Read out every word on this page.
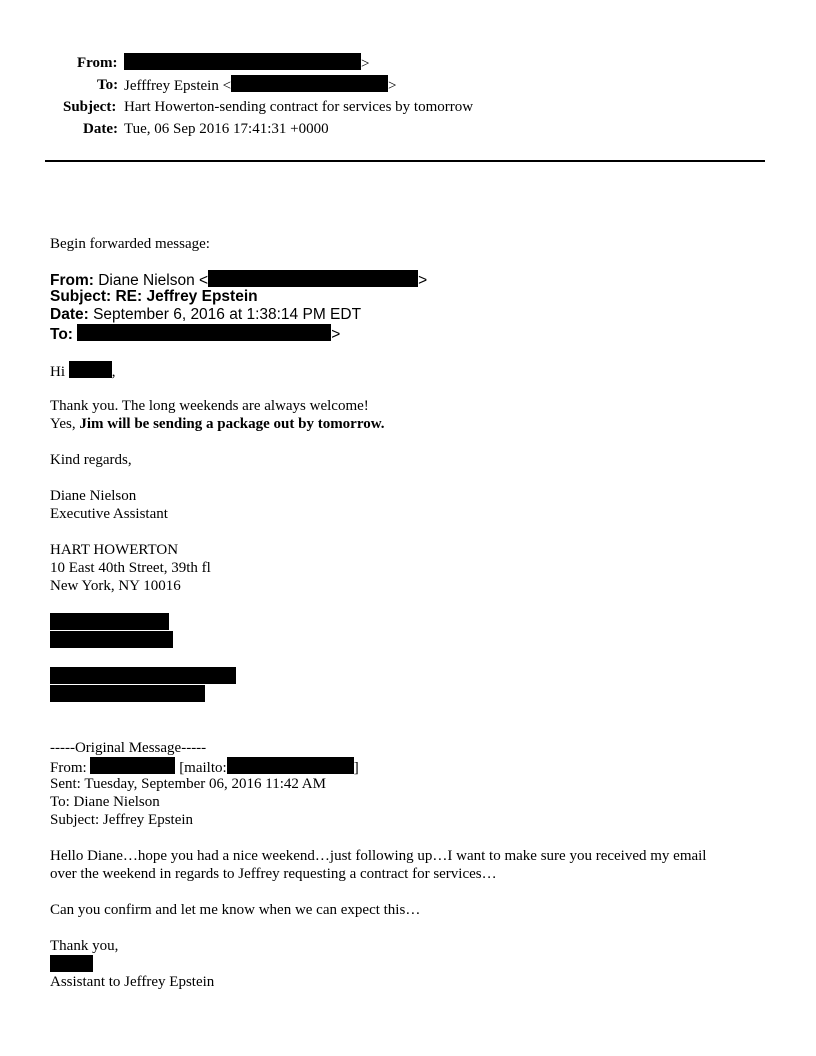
From:	>
To: Jefffrey Epstein <	>
Subject: Hart Howerton-sending contract for services by tomorrow
Date: Tue, 06 Sep 2016 17:41:31 +0000
Begin forwarded message:
From: Diane Nielson <	>
Subject: RE: Jeffrey Epstein
Date: September 6, 2016 at 1:38:14 PM EDT
To:	>
Hi	,
Thank you. The long weekends are always welcome!
Yes, Jim will be sending a package out by tomorrow.
Kind regards,
Diane Nielson
Executive Assistant
HART HOWERTON
10 East 40th Street, 39th fl
New York, NY 10016
-----Original Message-----
From:	[mailto:	]
Sent: Tuesday, September 06, 2016 11:42 AM
To: Diane Nielson
Subject: Jeffrey Epstein
Hello Diane…hope you had a nice weekend…just following up…I want to make sure you received my email
over the weekend in regards to Jeffrey requesting a contract for services…
Can you confirm and let me know when we can expect this…
Thank you,
Assistant to Jeffrey Epstein
